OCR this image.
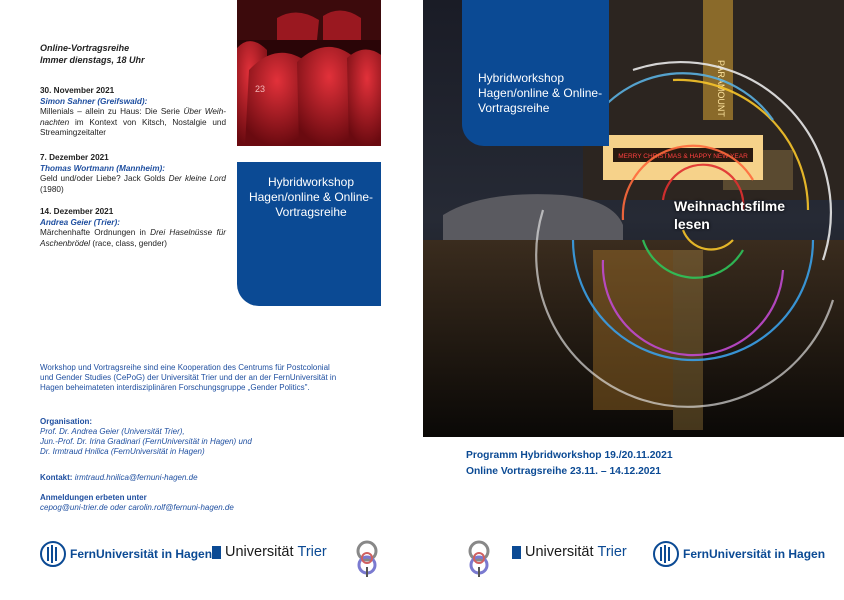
Online-Vortragsreihe
Immer dienstags, 18 Uhr
30. November 2021
Simon Sahner (Greifswald):
Millenials – allein zu Haus: Die Serie Über Weih-nachten im Kontext von Kitsch, Nostalgie und Streamingzeitalter
7. Dezember 2021
Thomas Wortmann (Mannheim):
Geld und/oder Liebe? Jack Golds Der kleine Lord (1980)
14. Dezember 2021
Andrea Geier (Trier):
Märchenhafte Ordnungen in Drei Haselnüsse für Aschenbrödel (race, class, gender)
23
Hybridworkshop Hagen/online & Online-Vortragsreihe
Workshop und Vortragsreihe sind eine Kooperation des Centrums für Postcolonial und Gender Studies (CePoG) der Universität Trier und der an der FernUniversität in Hagen beheimateten interdisziplinären Forschungsgruppe „Gender Politics".
Organisation:
Prof. Dr. Andrea Geier (Universität Trier),
Jun.-Prof. Dr. Irina Gradinari (FernUniversität in Hagen) und
Dr. Irmtraud Hnilica (FernUniversität in Hagen)
Kontakt: irmtraud.hnilica@fernuni-hagen.de
Anmeldungen erbeten unter
cepog@uni-trier.de oder carolin.rolf@fernuni-hagen.de
FernUniversität in Hagen Universität Trier
MERRY CHRISTMAS & HAPPY NEW YEAR
PARAMOUNT
Hybridworkshop Hagen/online & Online-Vortragsreihe
Weihnachtsfilme lesen
Programm Hybridworkshop 19./20.11.2021
Online Vortragsreihe 23.11. – 14.12.2021
Universität Trier	FernUniversität in Hagen
